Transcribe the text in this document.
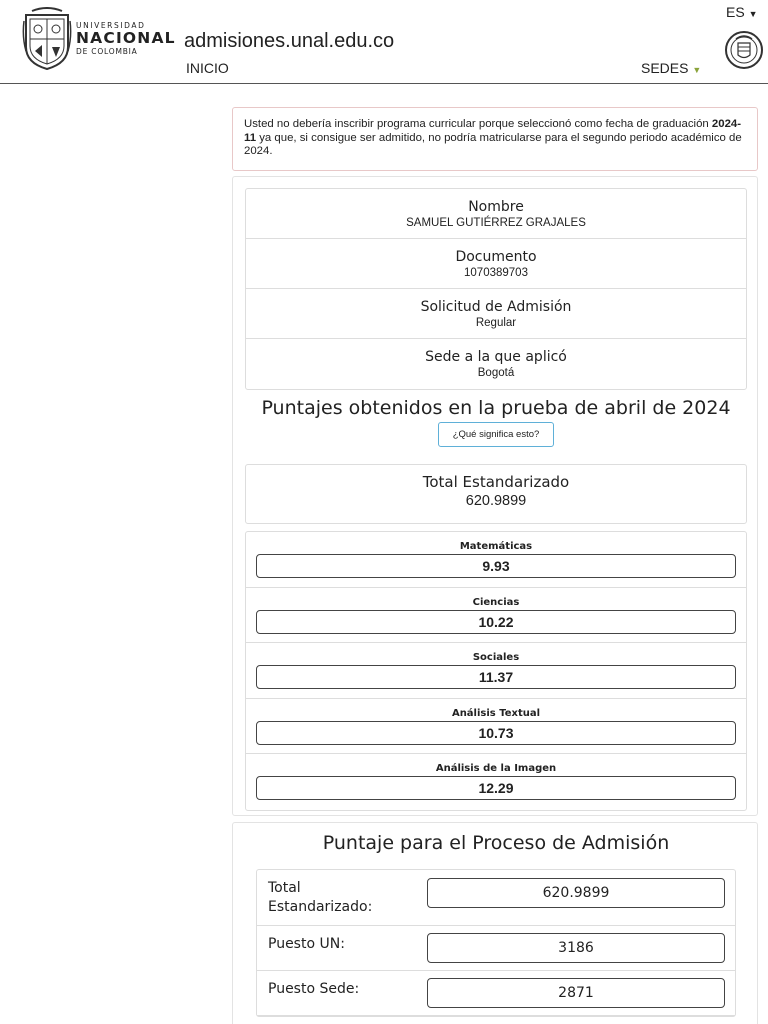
UNIVERSIDAD
NACIONAL
DE COLOMBIA	admisiones.unal.edu.co
INICIO
ES ▼
SEDES ▼
Usted no debería inscribir programa curricular porque seleccionó como fecha de graduación 2024-11 ya que, si consigue ser admitido, no podría matricularse para el segundo periodo académico de 2024.
Nombre
SAMUEL GUTIÉRREZ GRAJALES
Documento
1070389703
Solicitud de Admisión
Regular
Sede a la que aplicó
Bogotá
Puntajes obtenidos en la prueba de abril de 2024
¿Qué significa esto?
Total Estandarizado
620.9899
Matemáticas
9.93
Ciencias
10.22
Sociales
11.37
Análisis Textual
10.73
Análisis de la Imagen
12.29
Puntaje para el Proceso de Admisión
Total Estandarizado:
620.9899
Puesto UN:	3186
Puesto Sede:	2871
